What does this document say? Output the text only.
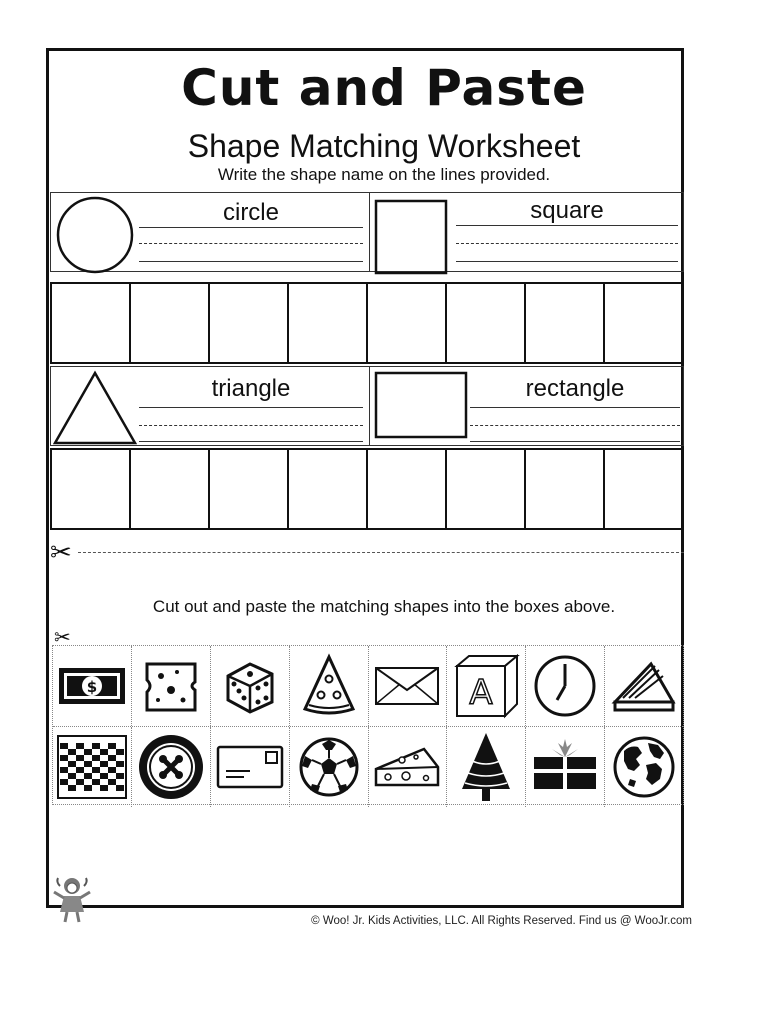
Cut and Paste
Shape Matching Worksheet
Write the shape name on the lines provided.
circle	square
triangle	rectangle
✂
Cut out and paste the matching shapes into the boxes above.
✂
$	A
© Woo! Jr. Kids Activities, LLC. All Rights Reserved. Find us @ WooJr.com
